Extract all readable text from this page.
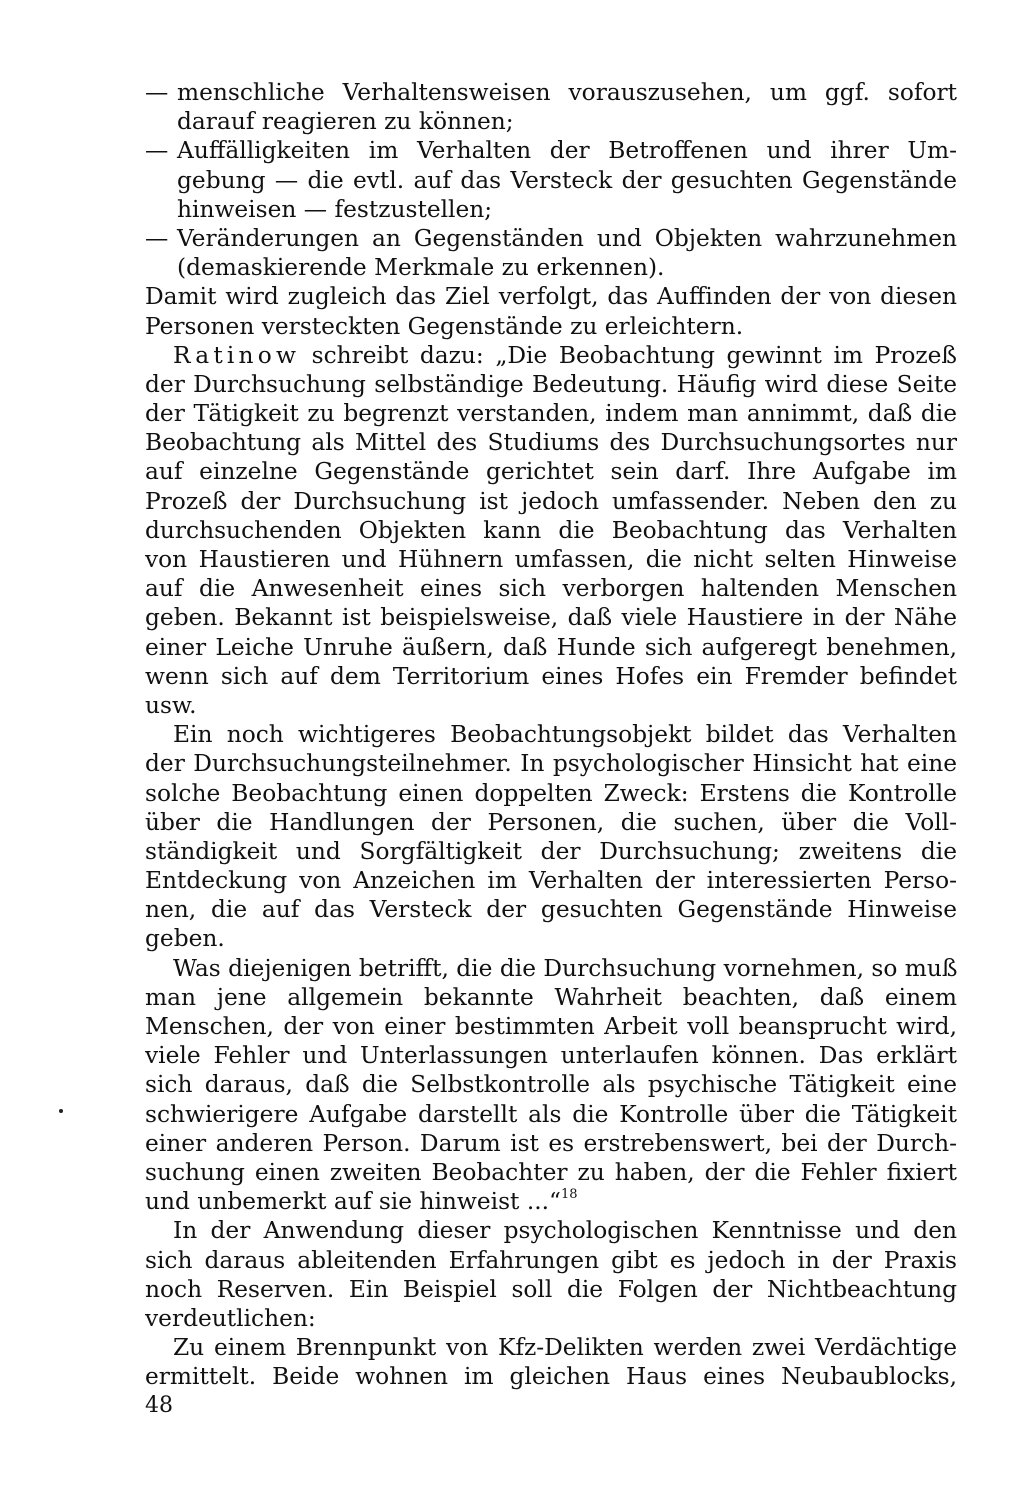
— menschliche Verhaltensweisen vorauszusehen, um ggf. sofort
darauf reagieren zu können;
— Auffälligkeiten im Verhalten der Betroffenen und ihrer Um-
gebung — die evtl. auf das Versteck der gesuchten Gegenstände
hinweisen — festzustellen;
— Veränderungen an Gegenständen und Objekten wahrzunehmen
(demaskierende Merkmale zu erkennen).
Damit wird zugleich das Ziel verfolgt, das Auffinden der von diesen
Personen versteckten Gegenstände zu erleichtern.
Ratinow schreibt dazu: „Die Beobachtung gewinnt im Prozeß
der Durchsuchung selbständige Bedeutung. Häufig wird diese Seite
der Tätigkeit zu begrenzt verstanden, indem man annimmt, daß die
Beobachtung als Mittel des Studiums des Durchsuchungsortes nur
auf einzelne Gegenstände gerichtet sein darf. Ihre Aufgabe im
Prozeß der Durchsuchung ist jedoch umfassender. Neben den zu
durchsuchenden Objekten kann die Beobachtung das Verhalten
von Haustieren und Hühnern umfassen, die nicht selten Hinweise
auf die Anwesenheit eines sich verborgen haltenden Menschen
geben. Bekannt ist beispielsweise, daß viele Haustiere in der Nähe
einer Leiche Unruhe äußern, daß Hunde sich aufgeregt benehmen,
wenn sich auf dem Territorium eines Hofes ein Fremder befindet
usw.
Ein noch wichtigeres Beobachtungsobjekt bildet das Verhalten
der Durchsuchungsteilnehmer. In psychologischer Hinsicht hat eine
solche Beobachtung einen doppelten Zweck: Erstens die Kontrolle
über die Handlungen der Personen, die suchen, über die Voll-
ständigkeit und Sorgfältigkeit der Durchsuchung; zweitens die
Entdeckung von Anzeichen im Verhalten der interessierten Perso-
nen, die auf das Versteck der gesuchten Gegenstände Hinweise
geben.
Was diejenigen betrifft, die die Durchsuchung vornehmen, so muß
man jene allgemein bekannte Wahrheit beachten, daß einem
Menschen, der von einer bestimmten Arbeit voll beansprucht wird,
viele Fehler und Unterlassungen unterlaufen können. Das erklärt
sich daraus, daß die Selbstkontrolle als psychische Tätigkeit eine
schwierigere Aufgabe darstellt als die Kontrolle über die Tätigkeit
einer anderen Person. Darum ist es erstrebenswert, bei der Durch-
suchung einen zweiten Beobachter zu haben, der die Fehler fixiert
und unbemerkt auf sie hinweist ...“$^{18}$
In der Anwendung dieser psychologischen Kenntnisse und den
sich daraus ableitenden Erfahrungen gibt es jedoch in der Praxis
noch Reserven. Ein Beispiel soll die Folgen der Nichtbeachtung
verdeutlichen:
Zu einem Brennpunkt von Kfz-Delikten werden zwei Verdächtige
ermittelt. Beide wohnen im gleichen Haus eines Neubaublocks,
48
